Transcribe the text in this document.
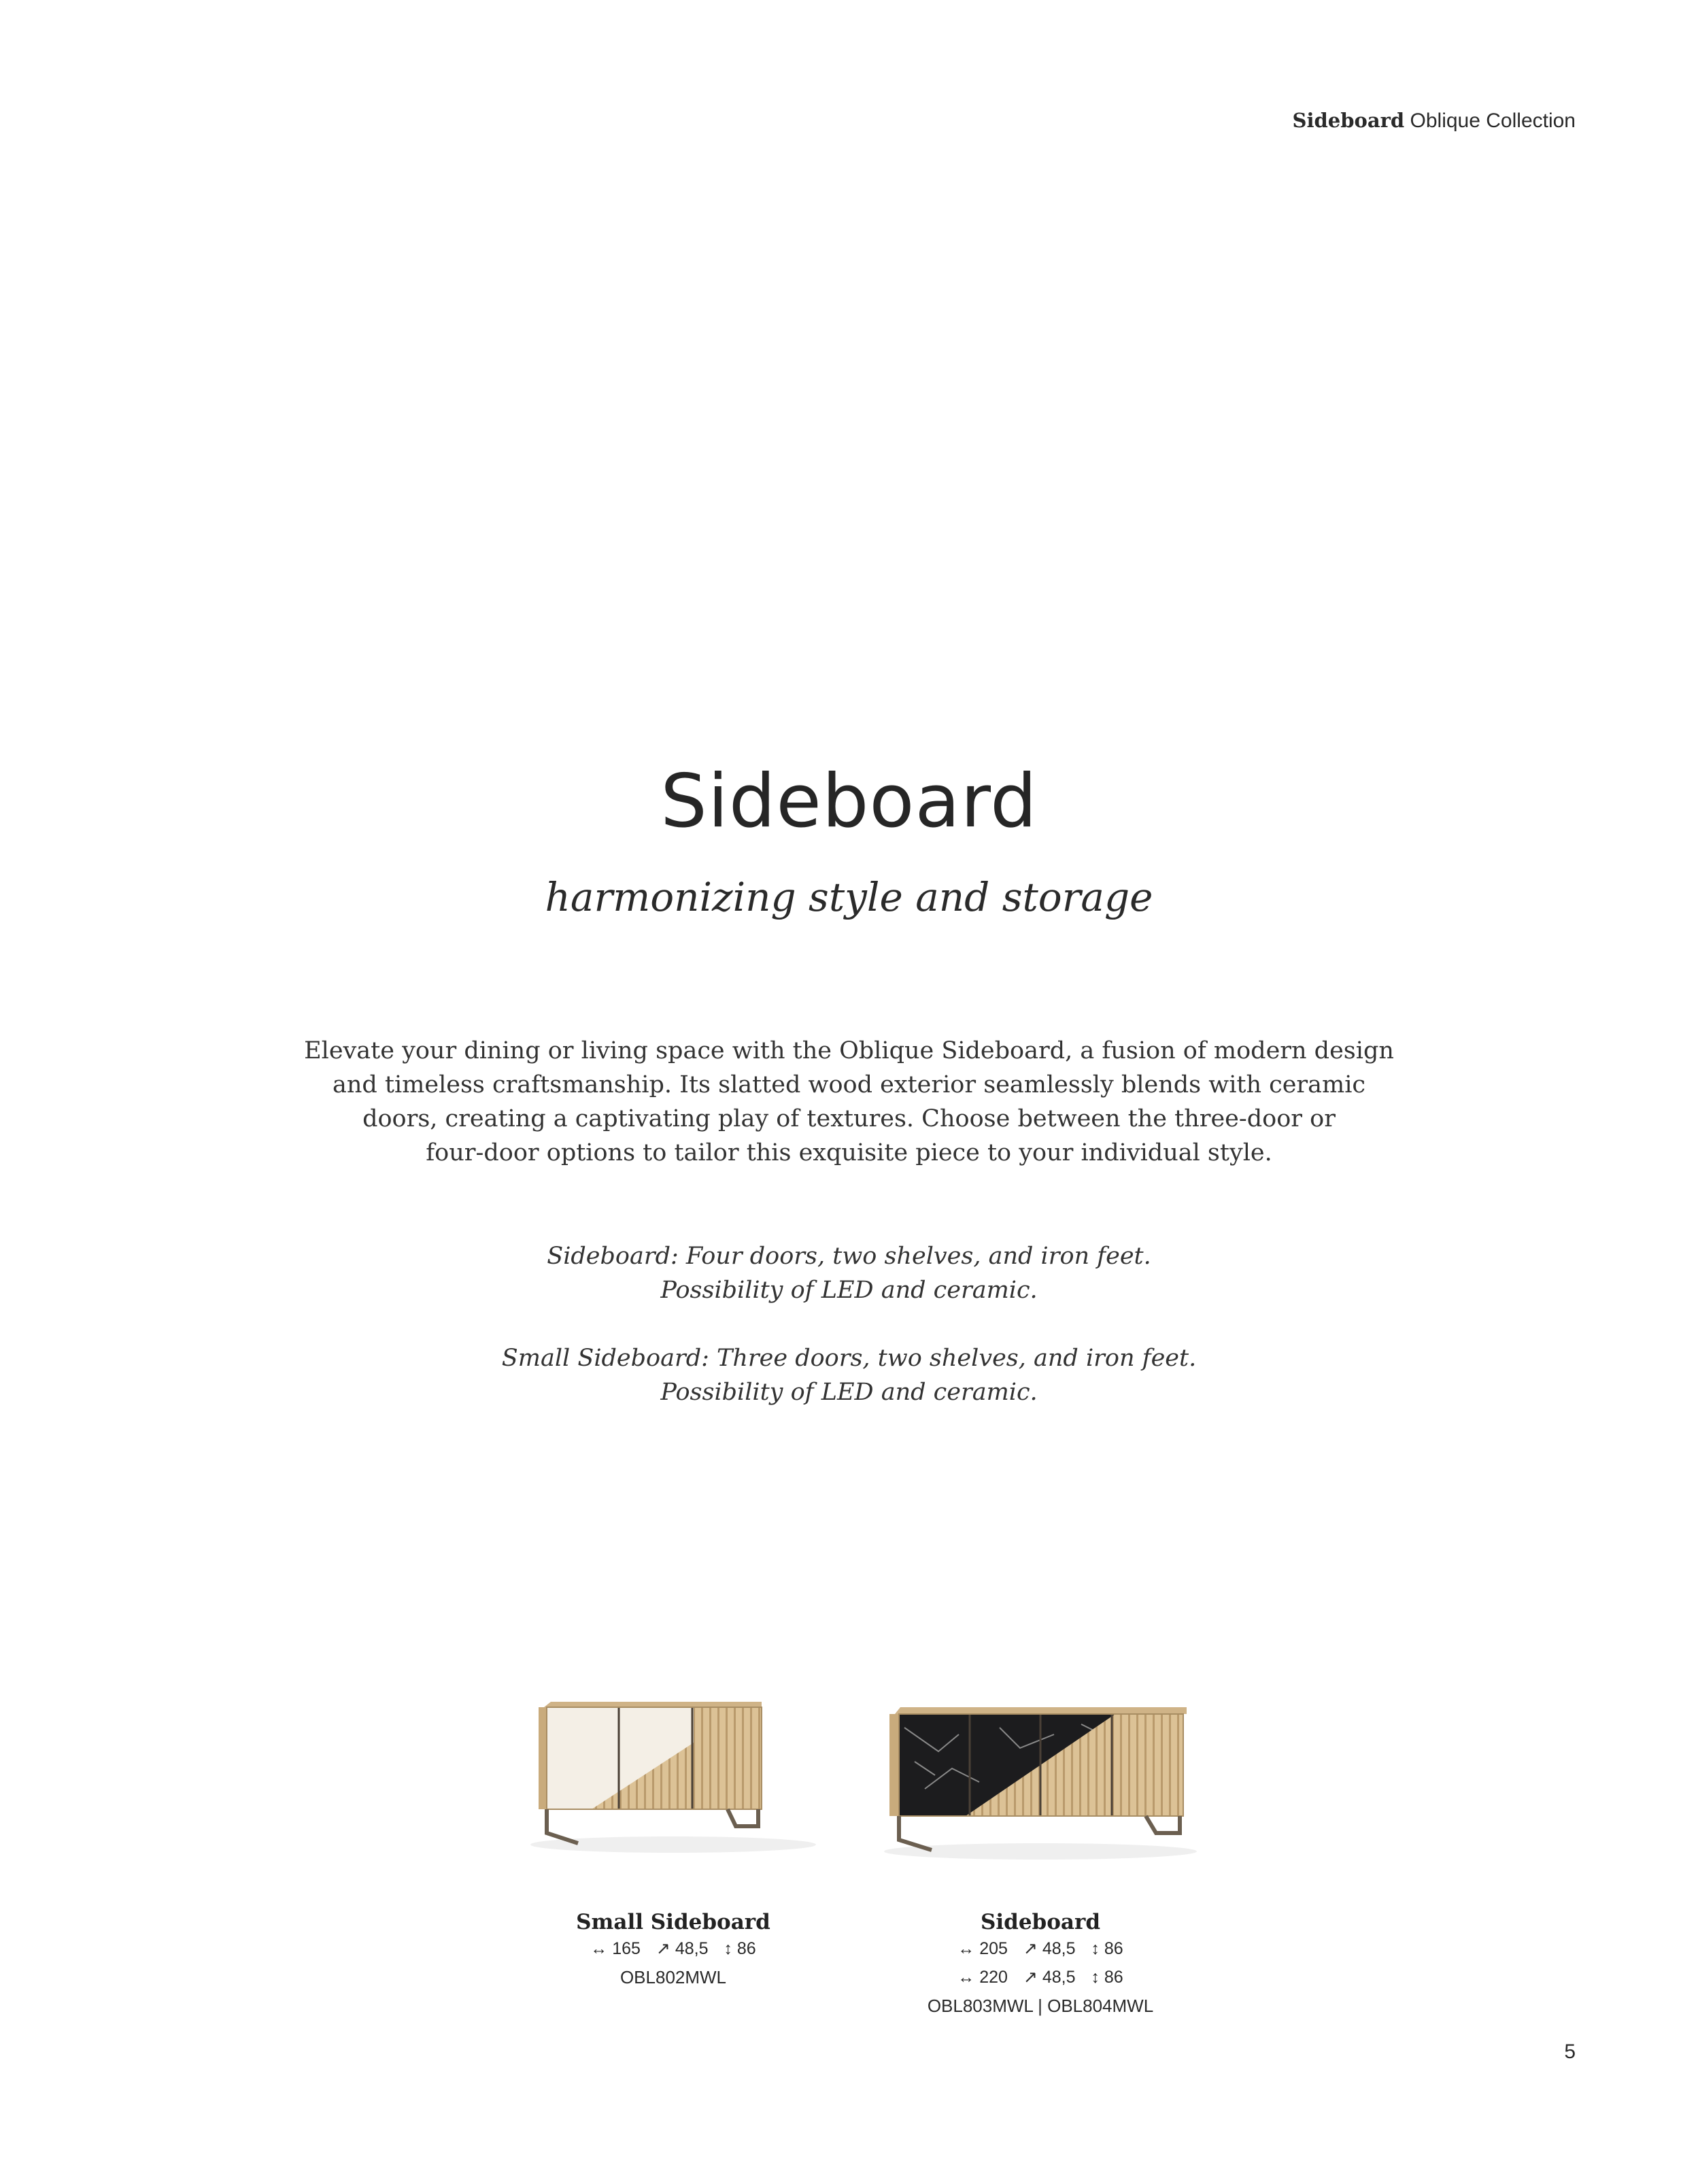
Sideboard Oblique Collection
Sideboard
harmonizing style and storage

Elevate your dining or living space with the Oblique Sideboard, a fusion of modern design

and timeless craftsmanship. Its slatted wood exterior seamlessly blends with ceramic

doors, creating a captivating play of textures. Choose between the three-door or

four-door options to tailor this exquisite piece to your individual style.

Sideboard: Four doors, two shelves, and iron feet.
Possibility of LED and ceramic.
Small Sideboard: Three doors, two shelves, and iron feet.
Possibility of LED and ceramic.
Small Sideboard
↔ 165 ↗ 48,5 ↕ 86
OBL802MWL
Sideboard
↔ 205 ↗ 48,5 ↕ 86
↔ 220 ↗ 48,5 ↕ 86
OBL803MWL | OBL804MWL
5
